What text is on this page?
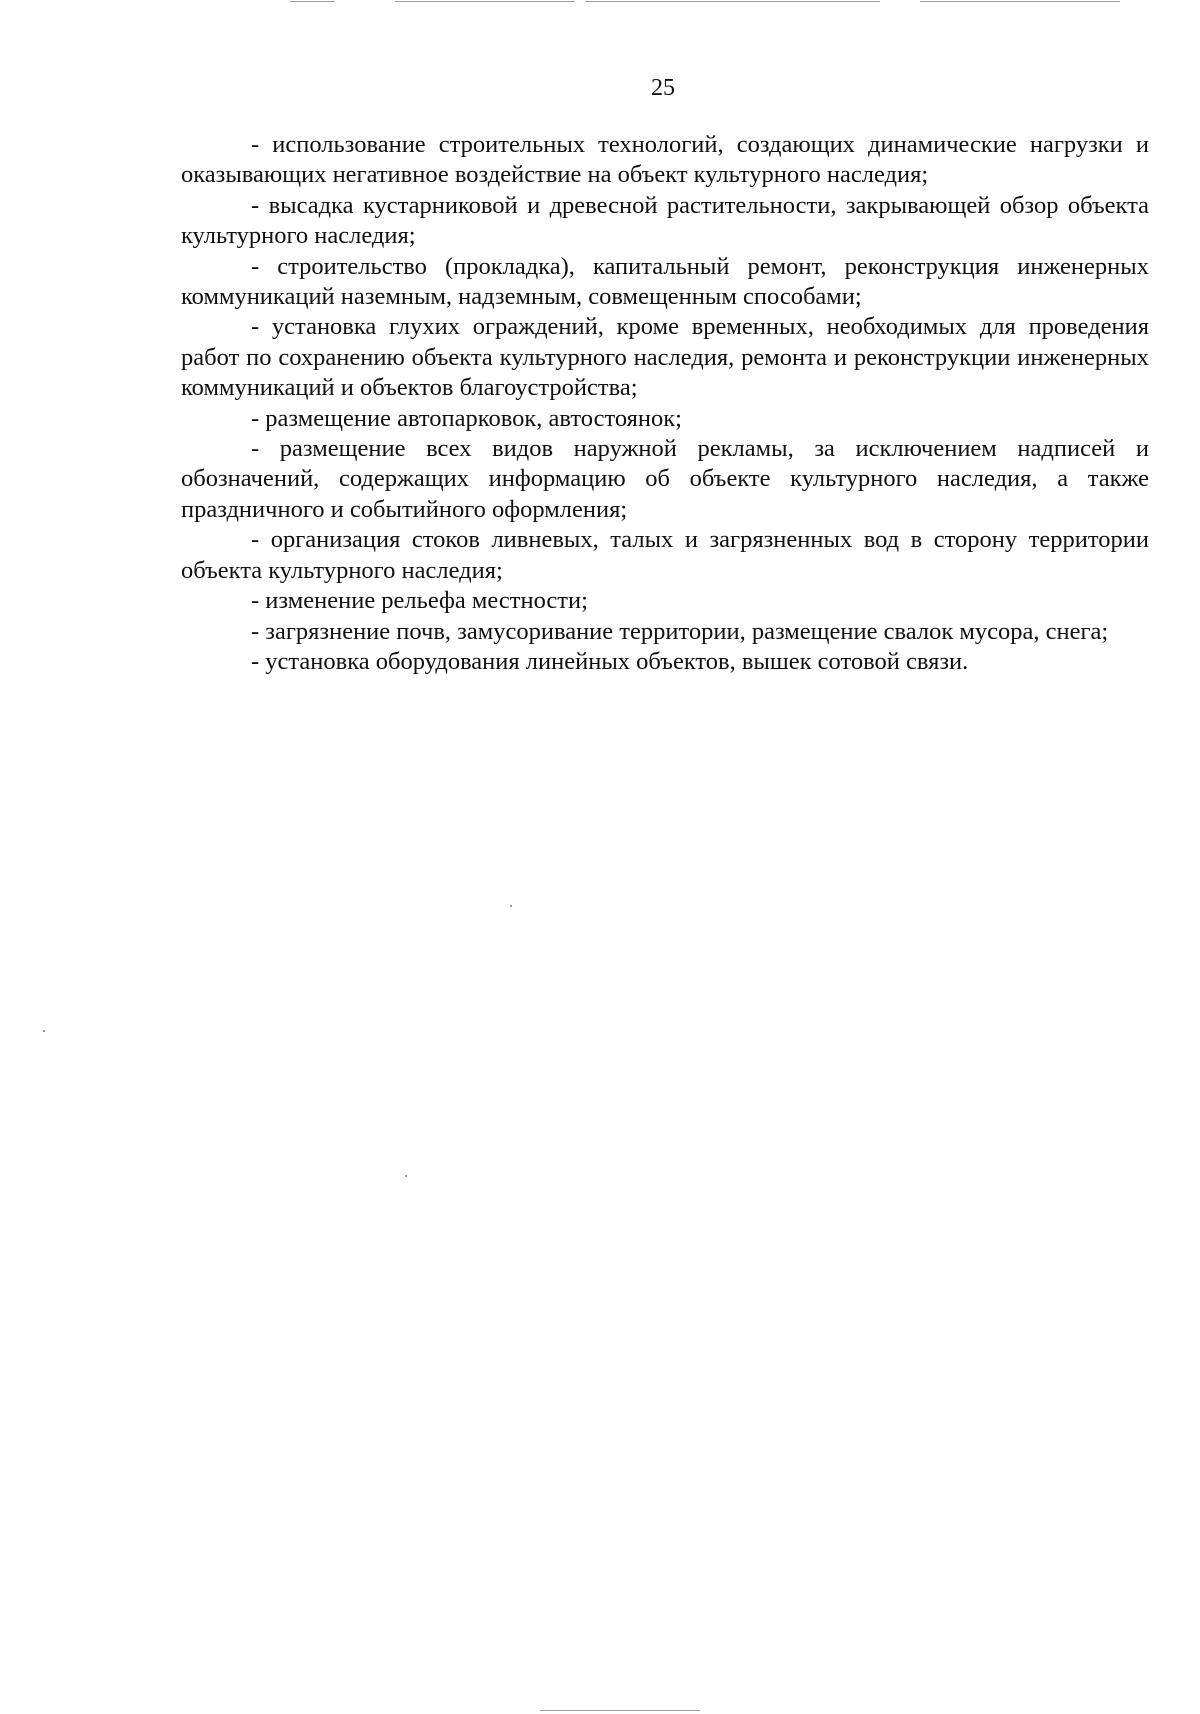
25

- использование строительных технологий, создающих динамические нагрузки и оказывающих негативное воздействие на объект культурного наследия;

- высадка кустарниковой и древесной растительности, закрывающей обзор объекта культурного наследия;

- строительство (прокладка), капитальный ремонт, реконструкция инженерных коммуникаций наземным, надземным, совмещенным способами;

- установка глухих ограждений, кроме временных, необходимых для проведения работ по сохранению объекта культурного наследия, ремонта и реконструкции инженерных коммуникаций и объектов благоустройства;

- размещение автопарковок, автостоянок;

- размещение всех видов наружной рекламы, за исключением надписей и обозначений, содержащих информацию об объекте культурного наследия, а также праздничного и событийного оформления;

- организация стоков ливневых, талых и загрязненных вод в сторону территории объекта культурного наследия;

- изменение рельефа местности;

- загрязнение почв, замусоривание территории, размещение свалок мусора, снега;

- установка оборудования линейных объектов, вышек сотовой связи.
